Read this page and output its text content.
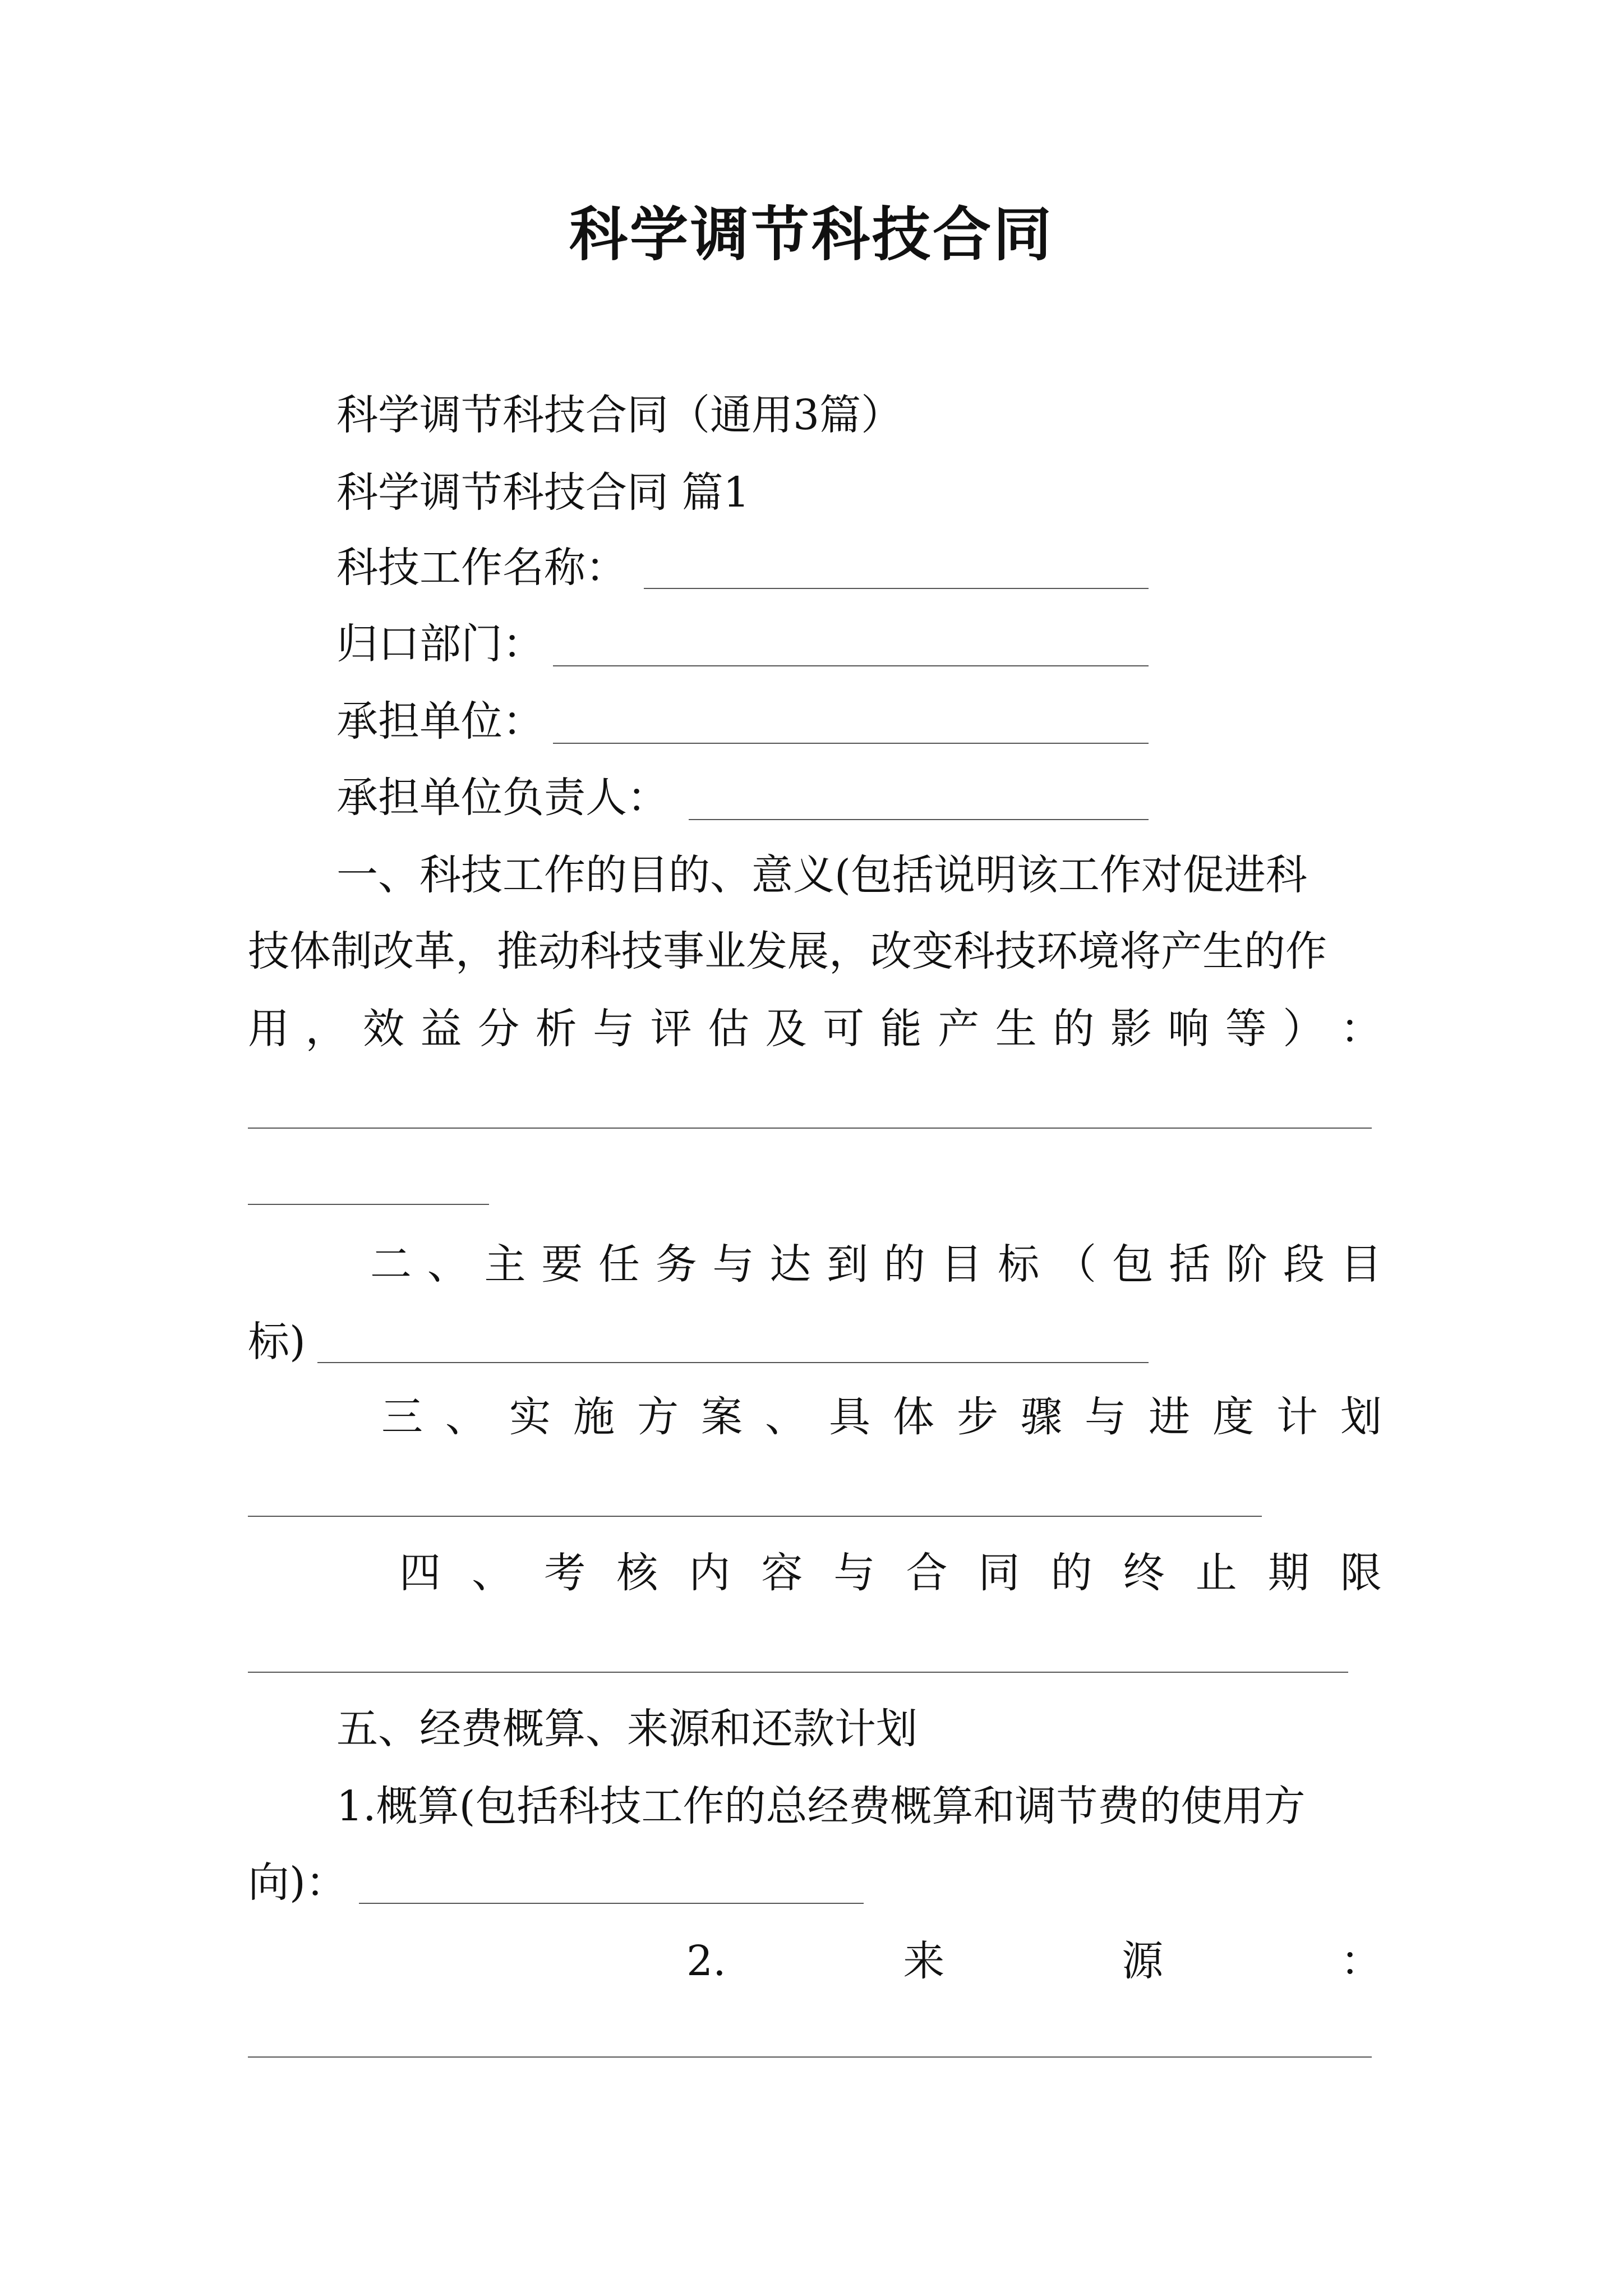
科学调节科技合同
科学调节科技合同（通用3篇）
科学调节科技合同 篇1
科技工作名称：
归口部门：
承担单位：
承担单位负责人：
一、科技工作的目的、意义(包括说明该工作对促进科
技体制改革，推动科技事业发展，改变科技环境将产生的作
用 ， 效 益 分 析 与 评 估 及 可 能 产 生 的 影 响 等 ） ：
二 、 主 要 任 务 与 达 到 的 目 标 （ 包 括 阶 段 目
标)
三 、 实 施 方 案 、 具 体 步 骤 与 进 度 计 划
四 、 考 核 内 容 与 合 同 的 终 止 期 限
五、经费概算、来源和还款计划
1.概算(包括科技工作的总经费概算和调节费的使用方
向)：
2.	来	源	：
